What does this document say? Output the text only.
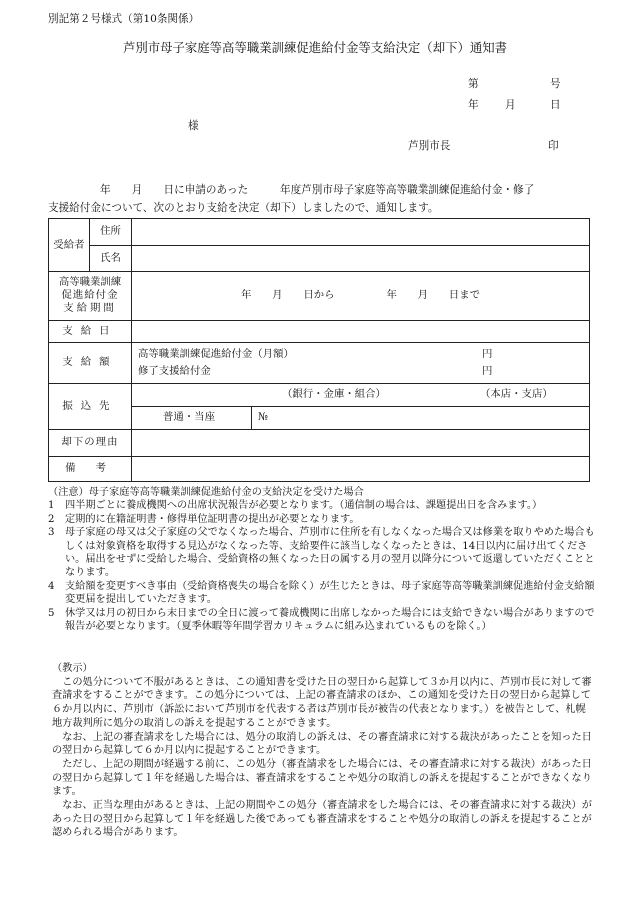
別記第２号様式（第10条関係）
芦別市母子家庭等高等職業訓練促進給付金等支給決定（却下）通知書
第	号
年 月	日
様
芦別市長	印

年　　月　　日に申請のあった　　　年度芦別市母子家庭等高等職業訓練促進給付金・修了

支援給付金について、次のとおり支給を決定（却下）しましたので、通知します。

受給者	住所		
	氏名		

高等職業訓練
促進給付金
支給期間		年　　月　　日から　　　　　年　　月　　日まで	
支給日			
支給額		高等職業訓練促進給付金（月額） 円
修了支援給付金 円	

振込先		（銀行・金庫・組合） （本店・支店）	

		普通・当座	№
却下の理由			
備考			

（注意）母子家庭等高等職業訓練促進給付金の支給決定を受けた場合

1	四半期ごとに養成機関への出席状況報告が必要となります。（通信制の場合は、課題提出日を含みます。）
2	定期的に在籍証明書・修得単位証明書の提出が必要となります。
3	母子家庭の母又は父子家庭の父でなくなった場合、芦別市に住所を有しなくなった場合又は修業を取りやめた場合もしくは対象資格を取得する見込がなくなった等、支給要件に該当しなくなったときは、14日以内に届け出てください。届出をせずに受給した場合、受給資格の無くなった日の属する月の翌月以降分について返還していただくこととなります。
4	支給額を変更すべき事由（受給資格喪失の場合を除く）が生じたときは、母子家庭等高等職業訓練促進給付金支給額変更届を提出していただきます。
5	休学又は月の初日から末日までの全日に渡って養成機関に出席しなかった場合には支給できない場合がありますので報告が必要となります。（夏季休暇等年間学習カリキュラムに組み込まれているものを除く。）

（教示）

この処分について不服があるときは、この通知書を受けた日の翌日から起算して３か月以内に、芦別市長に対して審査請求をすることができます。この処分については、上記の審査請求のほか、この通知を受けた日の翌日から起算して６か月以内に、芦別市（訴訟において芦別市を代表する者は芦別市長が被告の代表となります。）を被告として、札幌地方裁判所に処分の取消しの訴えを提起することができます。

なお、上記の審査請求をした場合には、処分の取消しの訴えは、その審査請求に対する裁決があったことを知った日の翌日から起算して６か月以内に提起することができます。

ただし、上記の期間が経過する前に、この処分（審査請求をした場合には、その審査請求に対する裁決）があった日の翌日から起算して１年を経過した場合は、審査請求をすることや処分の取消しの訴えを提起することができなくなります。

なお、正当な理由があるときは、上記の期間やこの処分（審査請求をした場合には、その審査請求に対する裁決）があった日の翌日から起算して１年を経過した後であっても審査請求をすることや処分の取消しの訴えを提起することが認められる場合があります。
